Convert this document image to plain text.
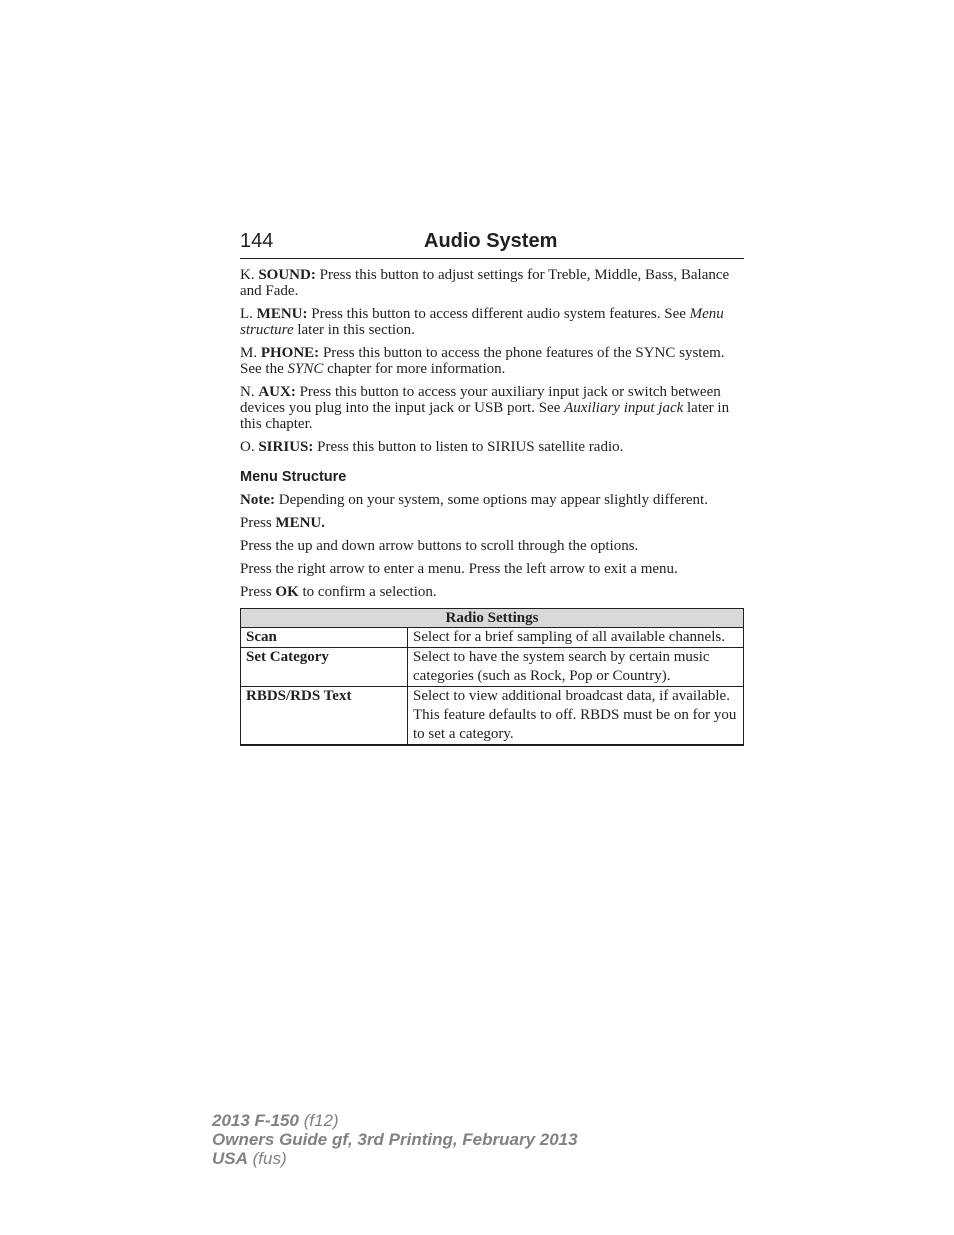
144	Audio System

K. SOUND: Press this button to adjust settings for Treble, Middle, Bass, Balance and Fade.

L. MENU: Press this button to access different audio system features. See Menu structure later in this section.

M. PHONE: Press this button to access the phone features of the SYNC system. See the SYNC chapter for more information.

N. AUX: Press this button to access your auxiliary input jack or switch between devices you plug into the input jack or USB port. See Auxiliary input jack later in this chapter.

O. SIRIUS: Press this button to listen to SIRIUS satellite radio.

Menu Structure

Note: Depending on your system, some options may appear slightly different.

Press MENU.

Press the up and down arrow buttons to scroll through the options.

Press the right arrow to enter a menu. Press the left arrow to exit a menu.

Press OK to confirm a selection.

Radio Settings	
Scan	Select for a brief sampling of all available channels.
Set Category	Select to have the system search by certain music categories (such as Rock, Pop or Country).
RBDS/RDS Text	Select to view additional broadcast data, if available. This feature defaults to off. RBDS must be on for you to set a category.
2013 F-150 (f12)
Owners Guide gf, 3rd Printing, February 2013
USA (fus)
